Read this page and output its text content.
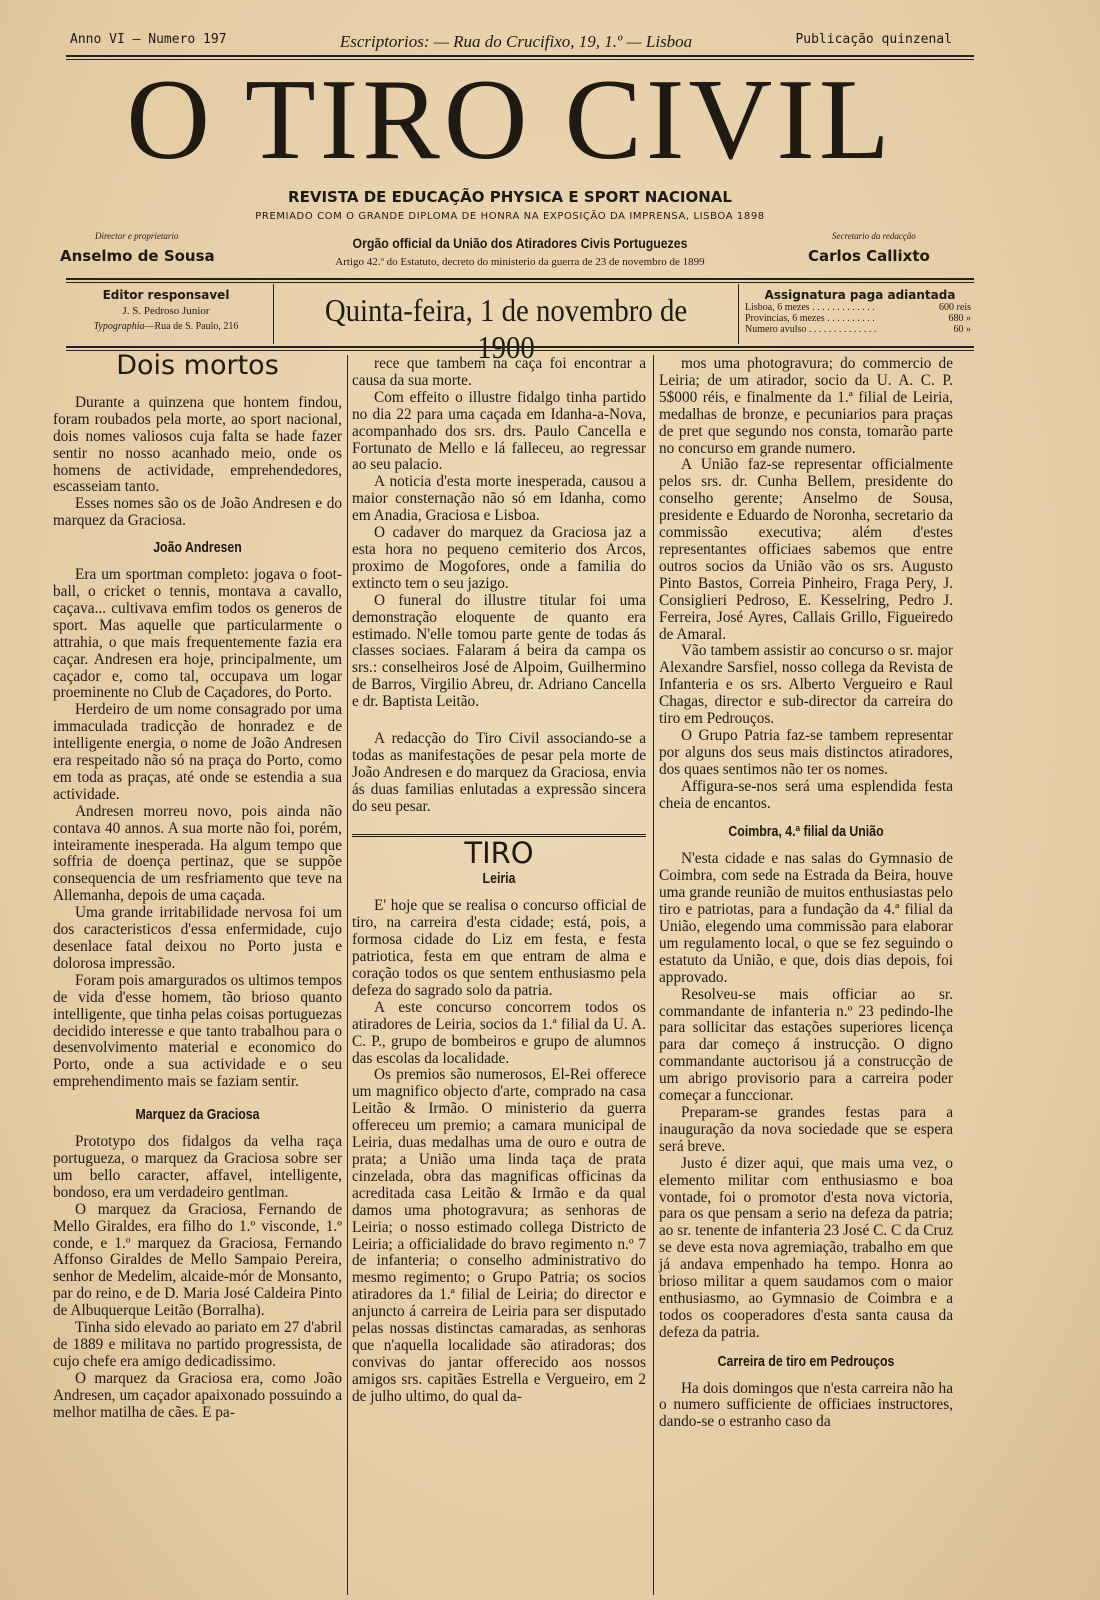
Anno VI — Numero 197	Escriptorios: — Rua do Crucifixo, 19, 1.º — Lisboa	Publicação quinzenal
O TIRO CIVIL
REVISTA DE EDUCAÇÃO PHYSICA E SPORT NACIONAL
PREMIADO COM O GRANDE DIPLOMA DE HONRA NA EXPOSIÇÃO DA IMPRENSA, LISBOA 1898
Director e proprietario
Anselmo de Sousa
Orgão official da União dos Atiradores Civis Portuguezes
Artigo 42.º do Estatuto, decreto do ministerio da guerra de 23 de novembro de 1899
Secretario da redacção
Carlos Callixto
Editor responsavel
J. S. Pedroso Junior
Typographia—Rua de S. Paulo, 216	Quinta-feira, 1 de novembro de 1900
Assignatura paga adiantada
Lisboa, 6 mezes . . . . . . . . . . . . .	600 reis
Provincias, 6 mezes . . . . . . . . . .	680 »
Numero avulso . . . . . . . . . . . . . .	60 »
Dois mortos

Durante a quinzena que hontem findou, foram roubados pela morte, ao sport nacional, dois nomes valiosos cuja falta se hade fazer sentir no nosso acanhado meio, onde os homens de actividade, emprehendedores, escasseiam tanto.

Esses nomes são os de João Andresen e do marquez da Graciosa.

João Andresen

Era um sportman completo: jogava o foot-ball, o cricket o tennis, montava a cavallo, caçava... cultivava emfim todos os generos de sport. Mas aquelle que particularmente o attrahia, o que mais frequentemente fazia era caçar. Andresen era hoje, principalmente, um caçador e, como tal, occupava um logar proeminente no Club de Caçadores, do Porto.

Herdeiro de um nome consagrado por uma immaculada tradicção de honradez e de intelligente energia, o nome de João Andresen era respeitado não só na praça do Porto, como em toda as praças, até onde se estendia a sua actividade.

Andresen morreu novo, pois ainda não contava 40 annos. A sua morte não foi, porém, inteiramente inesperada. Ha algum tempo que soffria de doença pertinaz, que se suppõe consequencia de um resfriamento que teve na Allemanha, depois de uma caçada.

Uma grande irritabilidade nervosa foi um dos caracteristicos d'essa enfermidade, cujo desenlace fatal deixou no Porto justa e dolorosa impressão.

Foram pois amargurados os ultimos tempos de vida d'esse homem, tão brioso quanto intelligente, que tinha pelas coisas portuguezas decidido interesse e que tanto trabalhou para o desenvolvimento material e economico do Porto, onde a sua actividade e o seu emprehendimento mais se faziam sentir.

Marquez da Graciosa

Prototypo dos fidalgos da velha raça portugueza, o marquez da Graciosa sobre ser um bello caracter, affavel, intelligente, bondoso, era um verdadeiro gentlman.

O marquez da Graciosa, Fernando de Mello Giraldes, era filho do 1.º visconde, 1.º conde, e 1.º marquez da Graciosa, Fernando Affonso Giraldes de Mello Sampaio Pereira, senhor de Medelim, alcaide-mór de Monsanto, par do reino, e de D. Maria José Caldeira Pinto de Albuquerque Leitão (Borralha).

Tinha sido elevado ao pariato em 27 d'abril de 1889 e militava no partido progressista, de cujo chefe era amigo dedicadissimo.

O marquez da Graciosa era, como João Andresen, um caçador apaixonado possuindo a melhor matilha de cães. E pa-

rece que tambem na caça foi encontrar a causa da sua morte.

Com effeito o illustre fidalgo tinha partido no dia 22 para uma caçada em Idanha-a-Nova, acompanhado dos srs. drs. Paulo Cancella e Fortunato de Mello e lá falleceu, ao regressar ao seu palacio.

A noticia d'esta morte inesperada, causou a maior consternação não só em Idanha, como em Anadia, Graciosa e Lisboa.

O cadaver do marquez da Graciosa jaz a esta hora no pequeno cemiterio dos Arcos, proximo de Mogofores, onde a familia do extincto tem o seu jazigo.

O funeral do illustre titular foi uma demonstração eloquente de quanto era estimado. N'elle tomou parte gente de todas ás classes sociaes. Falaram á beira da campa os srs.: conselheiros José de Alpoim, Guilhermino de Barros, Virgilio Abreu, dr. Adriano Cancella e dr. Baptista Leitão.

A redacção do Tiro Civil associando-se a todas as manifestações de pesar pela morte de João Andresen e do marquez da Graciosa, envia ás duas familias enlutadas a expressão sincera do seu pesar.

TIRO
Leiria

E' hoje que se realisa o concurso official de tiro, na carreira d'esta cidade; está, pois, a formosa cidade do Liz em festa, e festa patriotica, festa em que entram de alma e coração todos os que sentem enthusiasmo pela defeza do sagrado solo da patria.

A este concurso concorrem todos os atiradores de Leiria, socios da 1.ª filial da U. A. C. P., grupo de bombeiros e grupo de alumnos das escolas da localidade.

Os premios são numerosos, El-Rei offerece um magnifico objecto d'arte, comprado na casa Leitão & Irmão. O ministerio da guerra offereceu um premio; a camara municipal de Leiria, duas medalhas uma de ouro e outra de prata; a União uma linda taça de prata cinzelada, obra das magnificas officinas da acreditada casa Leitão & Irmão e da qual damos uma photogravura; as senhoras de Leiria; o nosso estimado collega Districto de Leiria; a officialidade do bravo regimento n.º 7 de infanteria; o conselho administrativo do mesmo regimento; o Grupo Patria; os socios atiradores da 1.ª filial de Leiria; do director e anjuncto á carreira de Leiria para ser disputado pelas nossas distinctas camaradas, as senhoras que n'aquella localidade são atiradoras; dos convivas do jantar offerecido aos nossos amigos srs. capitães Estrella e Vergueiro, em 2 de julho ultimo, do qual da-

mos uma photogravura; do commercio de Leiria; de um atirador, socio da U. A. C. P. 5$000 réis, e finalmente da 1.ª filial de Leiria, medalhas de bronze, e pecuniarios para praças de pret que segundo nos consta, tomarão parte no concurso em grande numero.

A União faz-se representar officialmente pelos srs. dr. Cunha Bellem, presidente do conselho gerente; Anselmo de Sousa, presidente e Eduardo de Noronha, secretario da commissão executiva; além d'estes representantes officiaes sabemos que entre outros socios da União vão os srs. Augusto Pinto Bastos, Correia Pinheiro, Fraga Pery, J. Consiglieri Pedroso, E. Kesselring, Pedro J. Ferreira, José Ayres, Callais Grillo, Figueiredo de Amaral.

Vão tambem assistir ao concurso o sr. major Alexandre Sarsfiel, nosso collega da Revista de Infanteria e os srs. Alberto Vergueiro e Raul Chagas, director e sub-director da carreira do tiro em Pedrouços.

O Grupo Patria faz-se tambem representar por alguns dos seus mais distinctos atiradores, dos quaes sentimos não ter os nomes.

Affigura-se-nos será uma esplendida festa cheia de encantos.

Coimbra, 4.ª filial da União

N'esta cidade e nas salas do Gymnasio de Coimbra, com sede na Estrada da Beira, houve uma grande reunião de muitos enthusiastas pelo tiro e patriotas, para a fundação da 4.ª filial da União, elegendo uma commissão para elaborar um regulamento local, o que se fez seguindo o estatuto da União, e que, dois dias depois, foi approvado.

Resolveu-se mais officiar ao sr. commandante de infanteria n.º 23 pedindo-lhe para sollicitar das estações superiores licença para dar começo á instrucção. O digno commandante auctorisou já a construcção de um abrigo provisorio para a carreira poder começar a funccionar.

Preparam-se grandes festas para a inauguração da nova sociedade que se espera será breve.

Justo é dizer aqui, que mais uma vez, o elemento militar com enthusiasmo e boa vontade, foi o promotor d'esta nova victoria, para os que pensam a serio na defeza da patria; ao sr. tenente de infanteria 23 José C. C da Cruz se deve esta nova agremiação, trabalho em que já andava empenhado ha tempo. Honra ao brioso militar a quem saudamos com o maior enthusiasmo, ao Gymnasio de Coimbra e a todos os cooperadores d'esta santa causa da defeza da patria.

Carreira de tiro em Pedrouços

Ha dois domingos que n'esta carreira não ha o numero sufficiente de officiaes instructores, dando-se o estranho caso da
